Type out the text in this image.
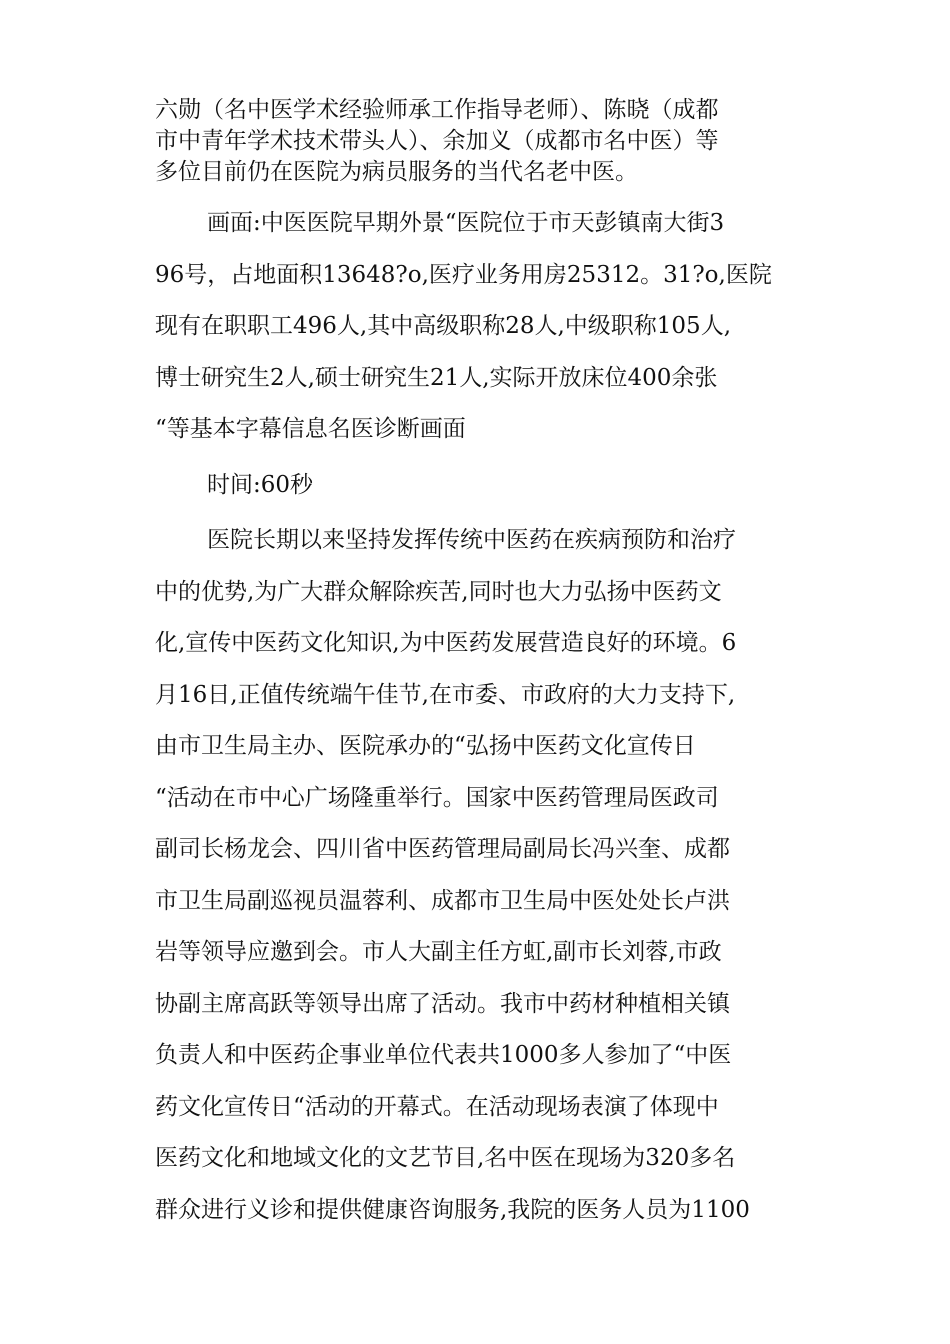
六勋（名中医学术经验师承工作指导老师）、陈晓（成都
市中青年学术技术带头人）、余加义（成都市名中医）等
多位目前仍在医院为病员服务的当代名老中医。
画面:中医医院早期外景“医院位于市天彭镇南大街3
96号，占地面积13648?o,医疗业务用房25312。31?o,医院
现有在职职工496人,其中高级职称28人,中级职称105人,
博士研究生2人,硕士研究生21人,实际开放床位400余张
“等基本字幕信息名医诊断画面
时间:60秒
医院长期以来坚持发挥传统中医药在疾病预防和治疗
中的优势,为广大群众解除疾苦,同时也大力弘扬中医药文
化,宣传中医药文化知识,为中医药发展营造良好的环境。6
月16日,正值传统端午佳节,在市委、市政府的大力支持下,
由市卫生局主办、医院承办的“弘扬中医药文化宣传日
“活动在市中心广场隆重举行。国家中医药管理局医政司
副司长杨龙会、四川省中医药管理局副局长冯兴奎、成都
市卫生局副巡视员温蓉利、成都市卫生局中医处处长卢洪
岩等领导应邀到会。市人大副主任方虹,副市长刘蓉,市政
协副主席高跃等领导出席了活动。我市中药材种植相关镇
负责人和中医药企事业单位代表共1000多人参加了“中医
药文化宣传日“活动的开幕式。在活动现场表演了体现中
医药文化和地域文化的文艺节目,名中医在现场为320多名
群众进行义诊和提供健康咨询服务,我院的医务人员为1100
